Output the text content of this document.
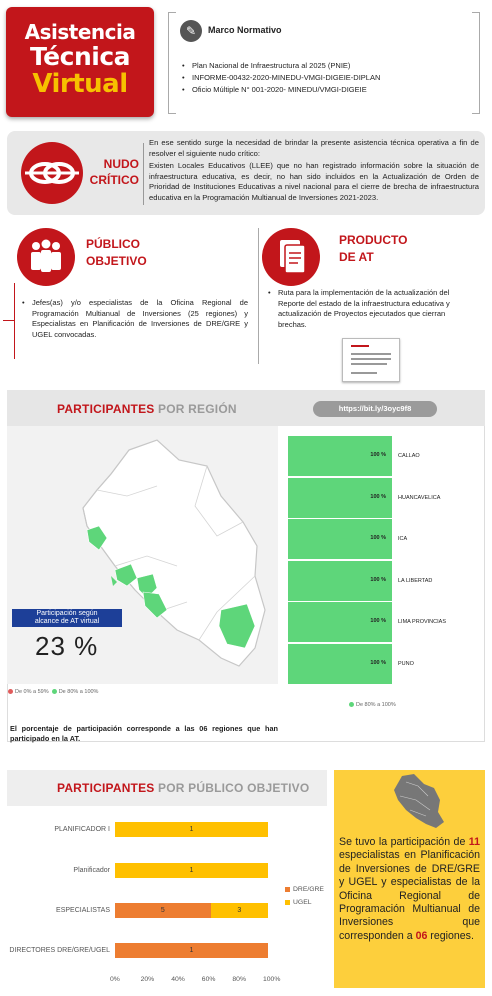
Asistencia
Técnica
Virtual
✎	Marco Normativo
• Plan Nacional de Infraestructura al 2025 (PNIE)
• INFORME-00432-2020-MINEDU-VMGI-DIGEIE-DIPLAN
• Oficio Múltiple N° 001-2020- MINEDU/VMGI-DIGEIE
NUDO
CRÍTICO

En ese sentido surge la necesidad de brindar la presente asistencia técnica operativa a fin de resolver el siguiente nudo crítico:

Existen Locales Educativos (LLEE) que no han registrado información sobre la situación de infraestructura educativa, es decir, no han sido incluidos en la Actualización de Orden de Prioridad de Instituciones Educativas a nivel nacional para el cierre de brecha de infraestructura educativa en la Programación Multianual de Inversiones 2021-2023.

PÚBLICO
OBJETIVO
• Jefes(as) y/o especialistas de la Oficina Regional de Programación Multianual de Inversiones (25 regiones) y Especialistas en Planificación de Inversiones de DRE/GRE y UGEL convocadas.
PRODUCTO
DE AT
• Ruta para la implementación de la actualización del Reporte del estado de la infraestructura educativa y actualización de Proyectos ejecutados que cierran brechas.
PARTICIPANTES POR REGIÓN	https://bit.ly/3oyc9f8
Participación según
alcance de AT virtual
23 %
De 0% a 59% De 80% a 100%
El porcentaje de participación corresponde a las 06 regiones que han participado en la AT.
100 %
100 %
100 %
100 %
100 %
100 %
CALLAO
HUANCAVELICA
ICA
LA LIBERTAD
LIMA PROVINCIAS
PUNO
De 80% a 100%
PARTICIPANTES POR PÚBLICO OBJETIVO
PLANIFICADOR I	1
Planificador	1
ESPECIALISTAS	5	3
DIRECTORES DRE/GRE/UGEL	1
0%	20% 40%	60% 80%	100%
DRE/GRE
UGEL
Se tuvo la participación de 11 especialistas en Planificación de Inversiones de DRE/GRE y UGEL y especialistas de la Oficina Regional de Programación Multianual de Inversiones que corresponden a 06 regiones.
